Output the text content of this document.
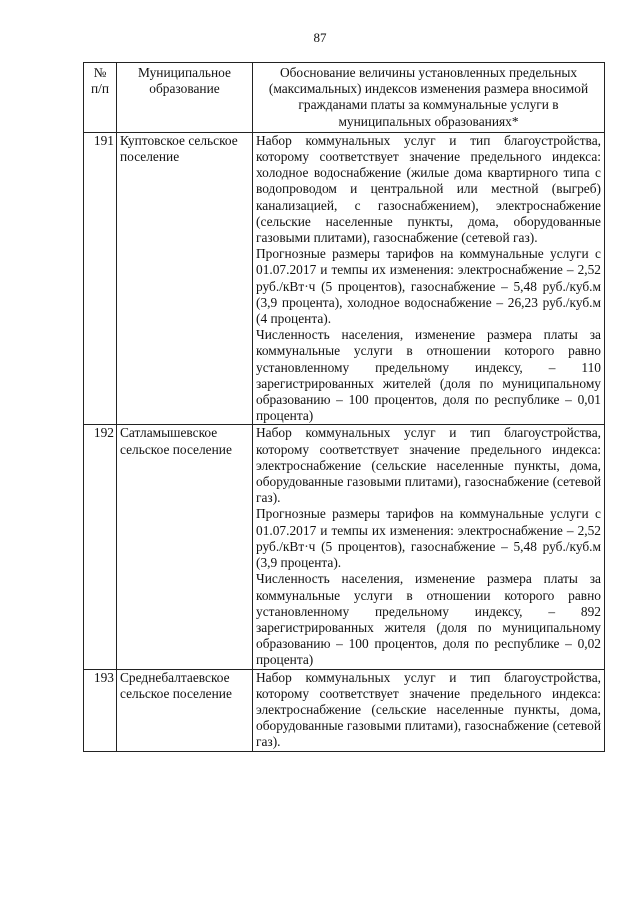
87
№ п/п	Муниципальное образование	Обоснование величины установленных предельных (максимальных) индексов изменения размера вносимой гражданами платы за коммунальные услуги в муниципальных образованиях*
191	Куптовское сельское поселение	Набор коммунальных услуг и тип благоустройства, которому соответствует значение предельного индекса: холодное водоснабжение (жилые дома квартирного типа с водопроводом и центральной или местной (выгреб) канализацией, с газоснабжением), электроснабжение (сельские населенные пункты, дома, оборудованные газовыми плитами), газоснабжение (сетевой газ).
Прогнозные размеры тарифов на коммунальные услуги с 01.07.2017 и темпы их изменения: электроснабжение – 2,52 руб./кВт·ч (5 процентов), газоснабжение – 5,48 руб./куб.м (3,9 процента), холодное водоснабжение – 26,23 руб./куб.м (4 процента).
Численность населения, изменение размера платы за коммунальные услуги в отношении которого равно установленному предельному индексу, – 110 зарегистрированных жителей (доля по муниципальному образованию – 100 процентов, доля по республике – 0,01 процента)

192	Сатламышевское сельское поселение	Набор коммунальных услуг и тип благоустройства, которому соответствует значение предельного индекса: электроснабжение (сельские населенные пункты, дома, оборудованные газовыми плитами), газоснабжение (сетевой газ).
Прогнозные размеры тарифов на коммунальные услуги с 01.07.2017 и темпы их изменения: электроснабжение – 2,52 руб./кВт·ч (5 процентов), газоснабжение – 5,48 руб./куб.м (3,9 процента).
Численность населения, изменение размера платы за коммунальные услуги в отношении которого равно установленному предельному индексу, – 892 зарегистрированных жителя (доля по муниципальному образованию – 100 процентов, доля по республике – 0,02 процента)

193	Среднебалтаевское сельское поселение	Набор коммунальных услуг и тип благоустройства, которому соответствует значение предельного индекса: электроснабжение (сельские населенные пункты, дома, оборудованные газовыми плитами), газоснабжение (сетевой газ).
